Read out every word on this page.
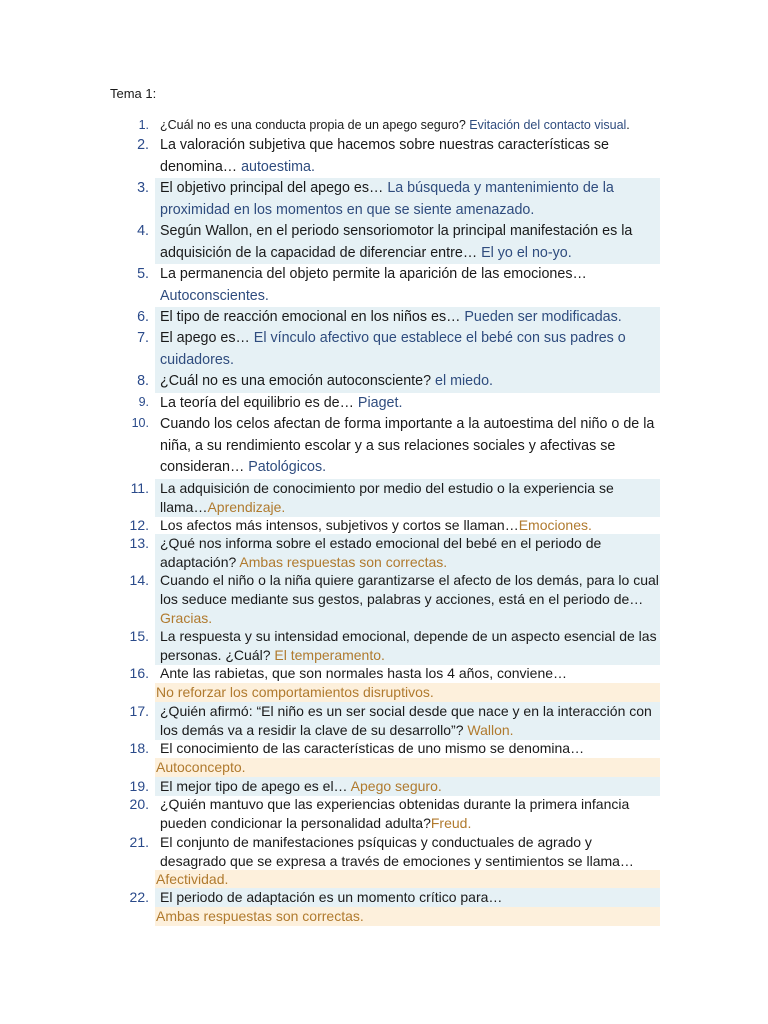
Tema 1:
1. ¿Cuál no es una conducta propia de un apego seguro? Evitación del contacto visual.
2. La valoración subjetiva que hacemos sobre nuestras características se denomina… autoestima.
3. El objetivo principal del apego es… La búsqueda y mantenimiento de la proximidad en los momentos en que se siente amenazado.
4. Según Wallon, en el periodo sensoriomotor la principal manifestación es la adquisición de la capacidad de diferenciar entre… El yo el no-yo.
5. La permanencia del objeto permite la aparición de las emociones…
Autoconscientes.
6. El tipo de reacción emocional en los niños es… Pueden ser modificadas.
7. El apego es… El vínculo afectivo que establece el bebé con sus padres o cuidadores.
8. ¿Cuál no es una emoción autoconsciente? el miedo.
9. La teoría del equilibrio es de… Piaget.
10. Cuando los celos afectan de forma importante a la autoestima del niño o de la niña, a su rendimiento escolar y a sus relaciones sociales y afectivas se consideran… Patológicos.
11. La adquisición de conocimiento por medio del estudio o la experiencia se llama…Aprendizaje.
12. Los afectos más intensos, subjetivos y cortos se llaman…Emociones.
13. ¿Qué nos informa sobre el estado emocional del bebé en el periodo de adaptación? Ambas respuestas son correctas.
14. Cuando el niño o la niña quiere garantizarse el afecto de los demás, para lo cual los seduce mediante sus gestos, palabras y acciones, está en el periodo de…Gracias.
15. La respuesta y su intensidad emocional, depende de un aspecto esencial de las personas. ¿Cuál? El temperamento.
16. Ante las rabietas, que son normales hasta los 4 años, conviene…
No reforzar los comportamientos disruptivos.
17. ¿Quién afirmó: “El niño es un ser social desde que nace y en la interacción con los demás va a residir la clave de su desarrollo”? Wallon.
18. El conocimiento de las características de uno mismo se denomina…
Autoconcepto.
19. El mejor tipo de apego es el… Apego seguro.
20. ¿Quién mantuvo que las experiencias obtenidas durante la primera infancia pueden condicionar la personalidad adulta?Freud.
21. El conjunto de manifestaciones psíquicas y conductuales de agrado y desagrado que se expresa a través de emociones y sentimientos se llama…
Afectividad.
22. El periodo de adaptación es un momento crítico para…
Ambas respuestas son correctas.
